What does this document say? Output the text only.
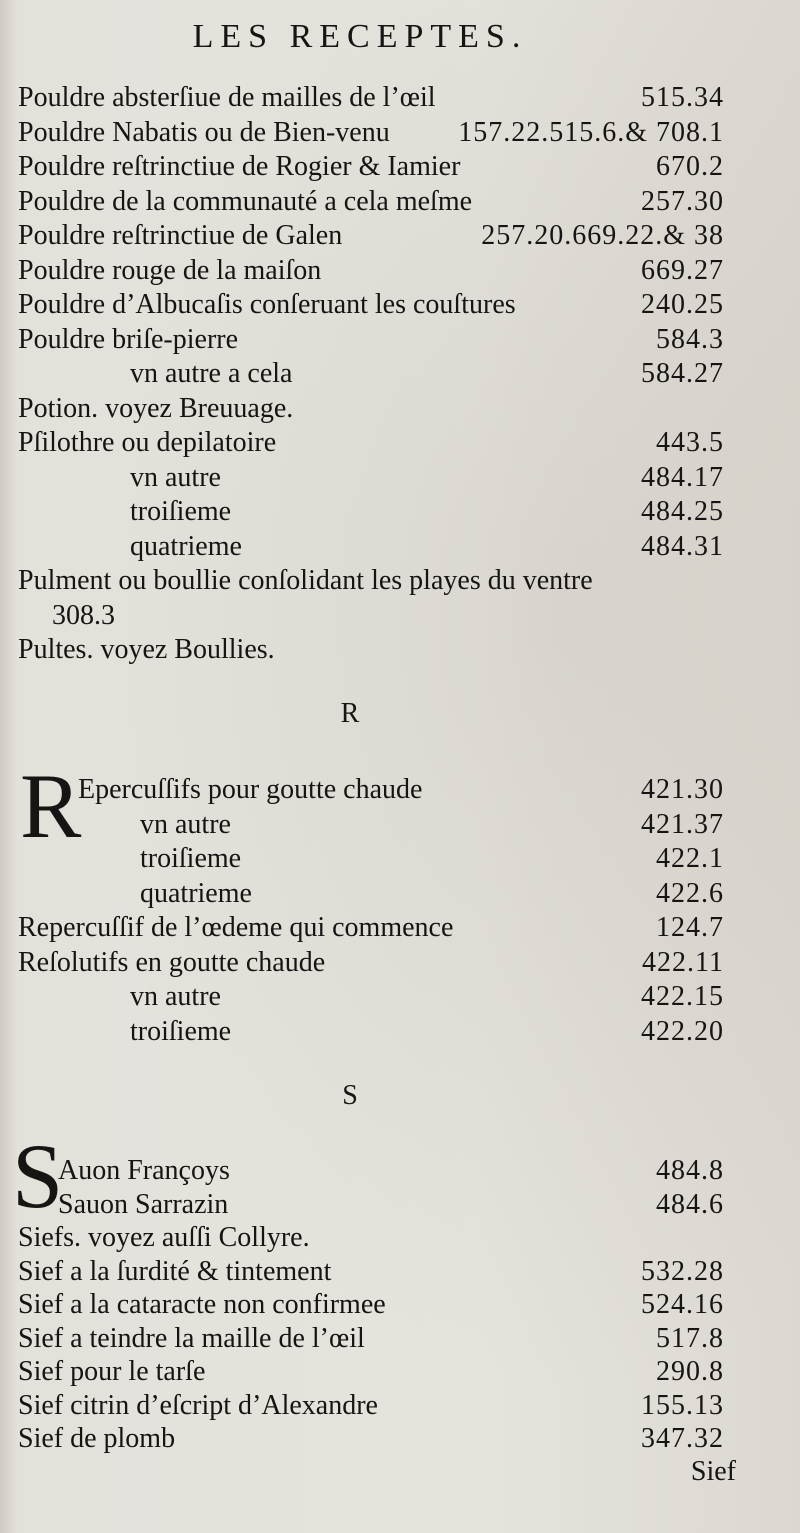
LES RECEPTES.
Pouldre absterſiue de mailles de l’œil	515.34
Pouldre Nabatis ou de Bien-venu 157.22.515.6.& 708.1
Pouldre reſtrinctiue de Rogier & Iamier	670.2
Pouldre de la communauté a cela meſme	257.30
Pouldre reſtrinctiue de Galen	257.20.669.22.& 38
Pouldre rouge de la maiſon	669.27
Pouldre d’Albucaſis conſeruant les couſtures	240.25
Pouldre briſe-pierre	584.3
vn autre a cela	584.27
Potion. voyez Breuuage.
Pſilothre ou depilatoire	443.5
vn autre	484.17
troiſieme	484.25
quatrieme	484.31
Pulment ou boullie conſolidant les playes du ventre
308.3
Pultes. voyez Boullies.
Epercuſſifs pour goutte chaude	421.30
vn autre	421.37
troiſieme	422.1
quatrieme	422.6
Repercuſſif de l’œdeme qui commence	124.7
Reſolutifs en goutte chaude	422.11
vn autre	422.15
troiſieme	422.20
Auon Françoys	484.8
Sauon Sarrazin	484.6
Siefs. voyez auſſi Collyre.
Sief a la ſurdité & tintement	532.28
Sief a la cataracte non confirmee	524.16
Sief a teindre la maille de l’œil	517.8
Sief pour le tarſe	290.8
Sief citrin d’eſcript d’Alexandre	155.13
Sief de plomb	347.32
R
R
S
S
Sief
